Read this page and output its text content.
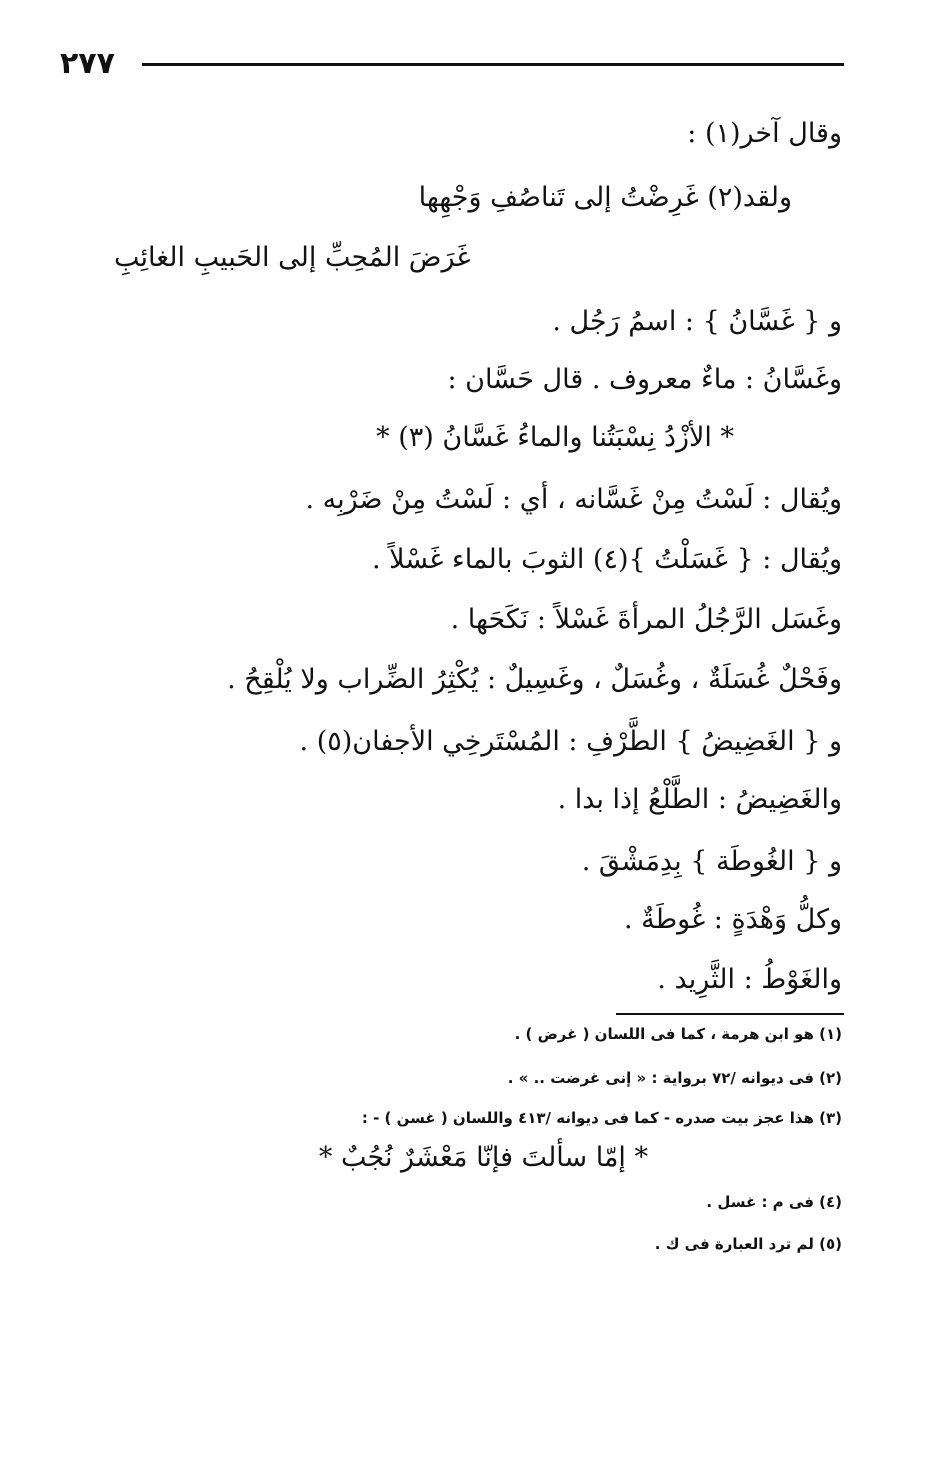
٢٧٧
وقال آخر(١) :
ولقد(٢) غَرِضْتُ إلى تَناصُفِ وَجْهِها
غَرَضَ المُحِبِّ إلى الحَبيبِ الغائِبِ
و { غَسَّانُ } : اسمُ رَجُل .
وغَسَّانُ : ماءٌ معروف . قال حَسَّان :
* الأزْدُ نِسْبَتُنا والماءُ غَسَّانُ (٣) *
ويُقال : لَسْتُ مِنْ غَسَّانه ، أي : لَسْتُ مِنْ ضَرْبِه .
ويُقال : { غَسَلْتُ }(٤) الثوبَ بالماء غَسْلاً .
وغَسَل الرَّجُلُ المرأةَ غَسْلاً : نَكَحَها .
وفَحْلٌ غُسَلَةٌ ، وغُسَلٌ ، وغَسِيلٌ : يُكْثِرُ الضِّراب ولا يُلْقِحُ .
و { الغَضِيضُ } الطَّرْفِ : المُسْتَرخِي الأجفان(٥) .
والغَضِيضُ : الطَّلْعُ إذا بدا .
و { الغُوطَة } بِدِمَشْقَ .
وكلُّ وَهْدَةٍ : غُوطَةٌ .
والغَوْطُ : الثَّرِيد .
(١) هو ابن هرمة ، كما فى اللسان ( غرض ) .
(٢) فى ديوانه /٧٢ برواية : « إنى غرضت .. » .
(٣) هذا عجز بيت صدره - كما فى ديوانه /٤١٣ واللسان ( غسن ) - :
* إمّا سألتَ فإنّا مَعْشَرٌ نُجُبٌ *
(٤) فى م : غسل .
(٥) لم ترد العبارة فى ك .
